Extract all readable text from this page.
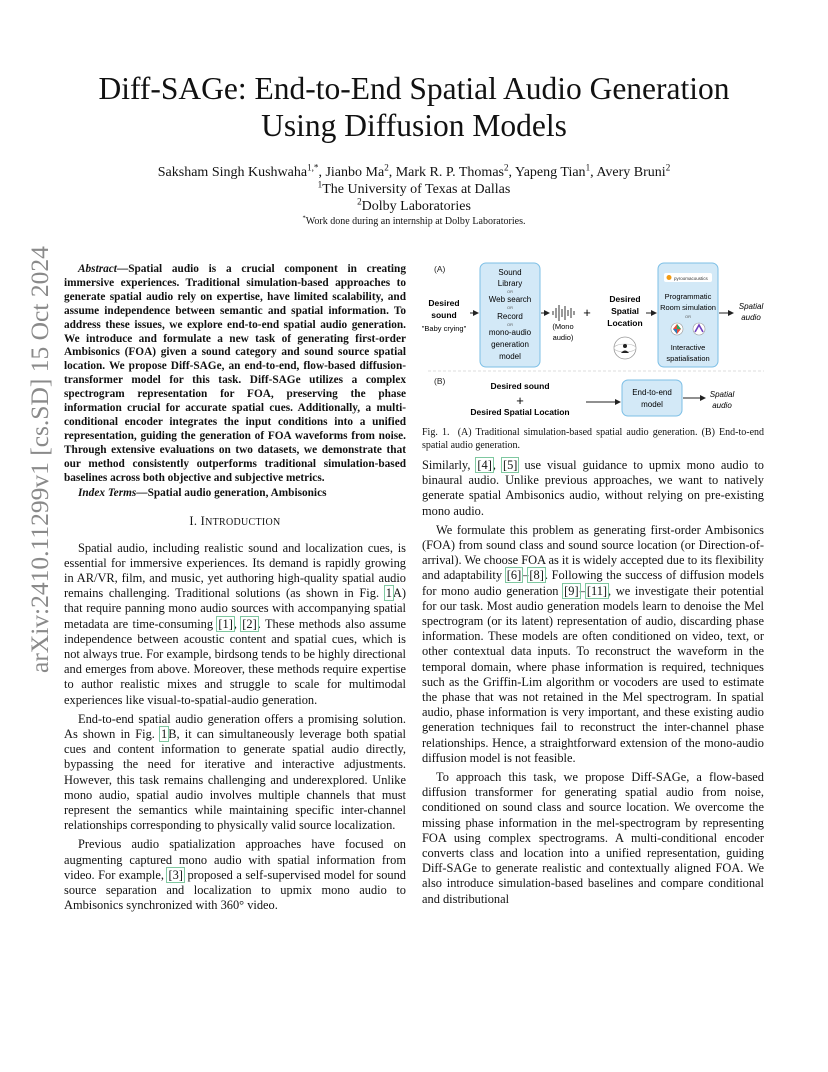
Diff-SAGe: End-to-End Spatial Audio Generation
Using Diffusion Models
Saksham Singh Kushwaha$^{1,*}$, Jianbo Ma$^2$, Mark R. P. Thomas$^2$, Yapeng Tian$^1$, Avery Bruni$^2$
$^1$The University of Texas at Dallas
$^2$Dolby Laboratories
*Work done during an internship at Dolby Laboratories.
arXiv:2410.11299v1 [cs.SD] 15 Oct 2024	Abstract—Spatial audio is a crucial component in creating immersive experiences. Traditional simulation-based approaches to generate spatial audio rely on expertise, have limited scalability, and assume independence between semantic and spatial information. To address these issues, we explore end-to-end spatial audio generation. We introduce and formulate a new task of generating first-order Ambisonics (FOA) given a sound category and sound source spatial location. We propose Diff-SAGe, an end-to-end, flow-based diffusion-transformer model for this task. Diff-SAGe utilizes a complex spectrogram representation for FOA, preserving the phase information crucial for accurate spatial cues. Additionally, a multi-conditional encoder integrates the input conditions into a unified representation, guiding the generation of FOA waveforms from noise. Through extensive evaluations on two datasets, we demonstrate that our method consistently outperforms traditional simulation-based baselines across both objective and subjective metrics.

Index Terms—Spatial audio generation, Ambisonics

I. INTRODUCTION

Spatial audio, including realistic sound and localization cues, is essential for immersive experiences. Its demand is rapidly growing in AR/VR, film, and music, yet authoring high-quality spatial audio remains challenging. Traditional solutions (as shown in Fig. 1A) that require panning mono audio sources with accompanying spatial metadata are time-consuming [1], [2]. These methods also assume independence between acoustic content and spatial cues, which is not always true. For example, birdsong tends to be highly directional and emerges from above. Moreover, these methods require expertise to author realistic mixes and struggle to scale for multimodal experiences like visual-to-spatial-audio generation.

End-to-end spatial audio generation offers a promising solution. As shown in Fig. 1B, it can simultaneously leverage both spatial cues and content information to generate spatial audio directly, bypassing the need for iterative and interactive adjustments. However, this task remains challenging and underexplored. Unlike mono audio, spatial audio involves multiple channels that must represent the semantics while maintaining specific inter-channel relationships corresponding to physically valid source localization.

Previous audio spatialization approaches have focused on augmenting captured mono audio with spatial information from video. For example, [3] proposed a self-supervised model for sound source separation and localization to upmix mono audio to Ambisonics synchronized with 360° video.

(A)
Desired
sound
"Baby crying"
Sound
Library
OR
Web search
OR
Record
OR
mono-audio
generation
model
(Mono
audio)
+
Desired
Spatial
Location
pyroomacoustics
Programmatic
Room simulation
OR
Interactive
spatialisation
Spatial
audio
(B)	Desired sound
+
Desired Spatial Location
End-to-end
model
Spatial
audio
Fig. 1. (A) Traditional simulation-based spatial audio generation. (B) End-to-end spatial audio generation.

Similarly, [4], [5] use visual guidance to upmix mono audio to binaural audio. Unlike previous approaches, we want to natively generate spatial Ambisonics audio, without relying on pre-existing mono audio.

We formulate this problem as generating first-order Ambisonics (FOA) from sound class and sound source location (or Direction-of-arrival). We choose FOA as it is widely accepted due to its flexibility and adaptability [6]–[8]. Following the success of diffusion models for mono audio generation [9]–[11], we investigate their potential for our task. Most audio generation models learn to denoise the Mel spectrogram (or its latent) representation of audio, discarding phase information. These models are often conditioned on video, text, or other contextual data inputs. To reconstruct the waveform in the temporal domain, where phase information is required, techniques such as the Griffin-Lim algorithm or vocoders are used to estimate the phase that was not retained in the Mel spectrogram. In spatial audio, phase information is very important, and these existing audio generation techniques fail to reconstruct the inter-channel phase relationships. Hence, a straightforward extension of the mono-audio diffusion model is not feasible.

To approach this task, we propose Diff-SAGe, a flow-based diffusion transformer for generating spatial audio from noise, conditioned on sound class and source location. We overcome the missing phase information in the mel-spectrogram by representing FOA using complex spectrograms. A multi-conditional encoder converts class and location into a unified representation, guiding Diff-SAGe to generate realistic and contextually aligned FOA. We also introduce simulation-based baselines and compare conditional and distributional
